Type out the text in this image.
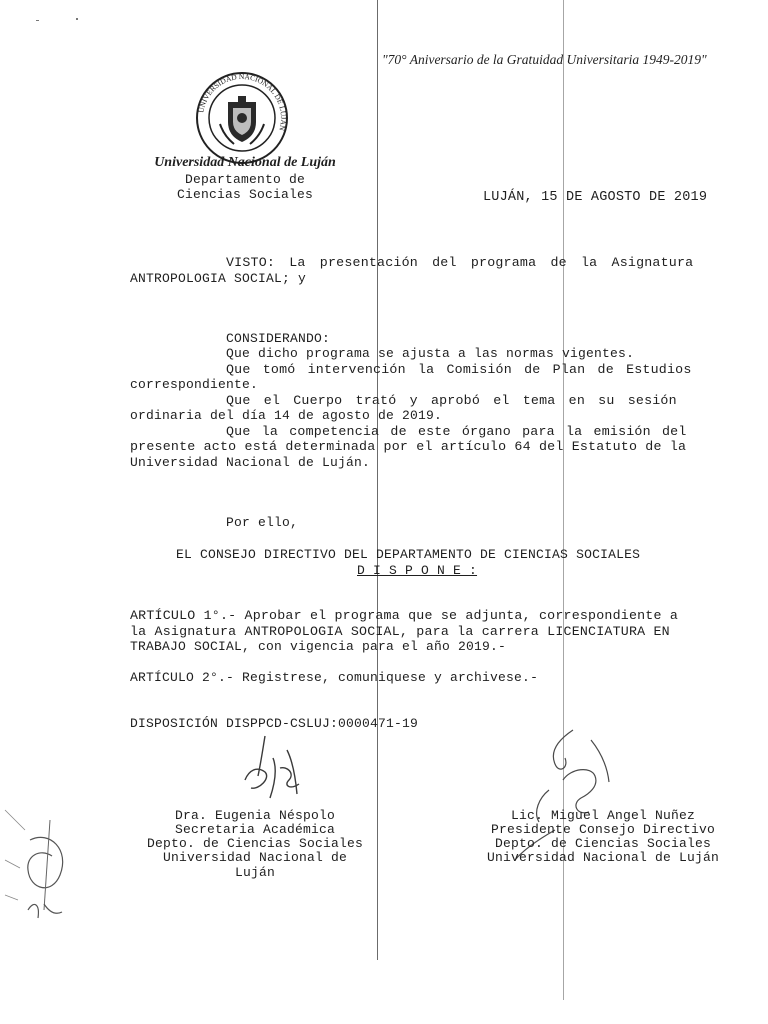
"70° Aniversario de la Gratuidad Universitaria 1949-2019"
UNIVERSIDAD NACIONAL DE LUJÁN
Universidad Nacional de Luján
Departamento de
Ciencias Sociales	LUJÁN, 15 DE AGOSTO DE 2019
VISTO: La presentación del programa de la Asignatura
ANTROPOLOGIA SOCIAL; y
CONSIDERANDO:
Que dicho programa se ajusta a las normas vigentes.
Que tomó intervención la Comisión de Plan de Estudios
correspondiente.
Que el Cuerpo trató y aprobó el tema en su sesión
ordinaria del día 14 de agosto de 2019.
Que la competencia de este órgano para la emisión del
presente acto está determinada por el artículo 64 del Estatuto de la
Universidad Nacional de Luján.
Por ello,
EL CONSEJO DIRECTIVO DEL DEPARTAMENTO DE CIENCIAS SOCIALES
D I S P O N E :
ARTÍCULO 1°.- Aprobar el programa que se adjunta, correspondiente a
la Asignatura ANTROPOLOGIA SOCIAL, para la carrera LICENCIATURA EN
TRABAJO SOCIAL, con vigencia para el año 2019.-
ARTÍCULO 2°.- Registrese, comuniquese y archivese.-
DISPOSICIÓN DISPPCD-CSLUJ:0000471-19
Dra. Eugenia Néspolo
Secretaria Académica
Depto. de Ciencias Sociales
Universidad Nacional de Luján
Lic. Miguel Angel Nuñez
Presidente Consejo Directivo
Depto. de Ciencias Sociales
Universidad Nacional de Luján
